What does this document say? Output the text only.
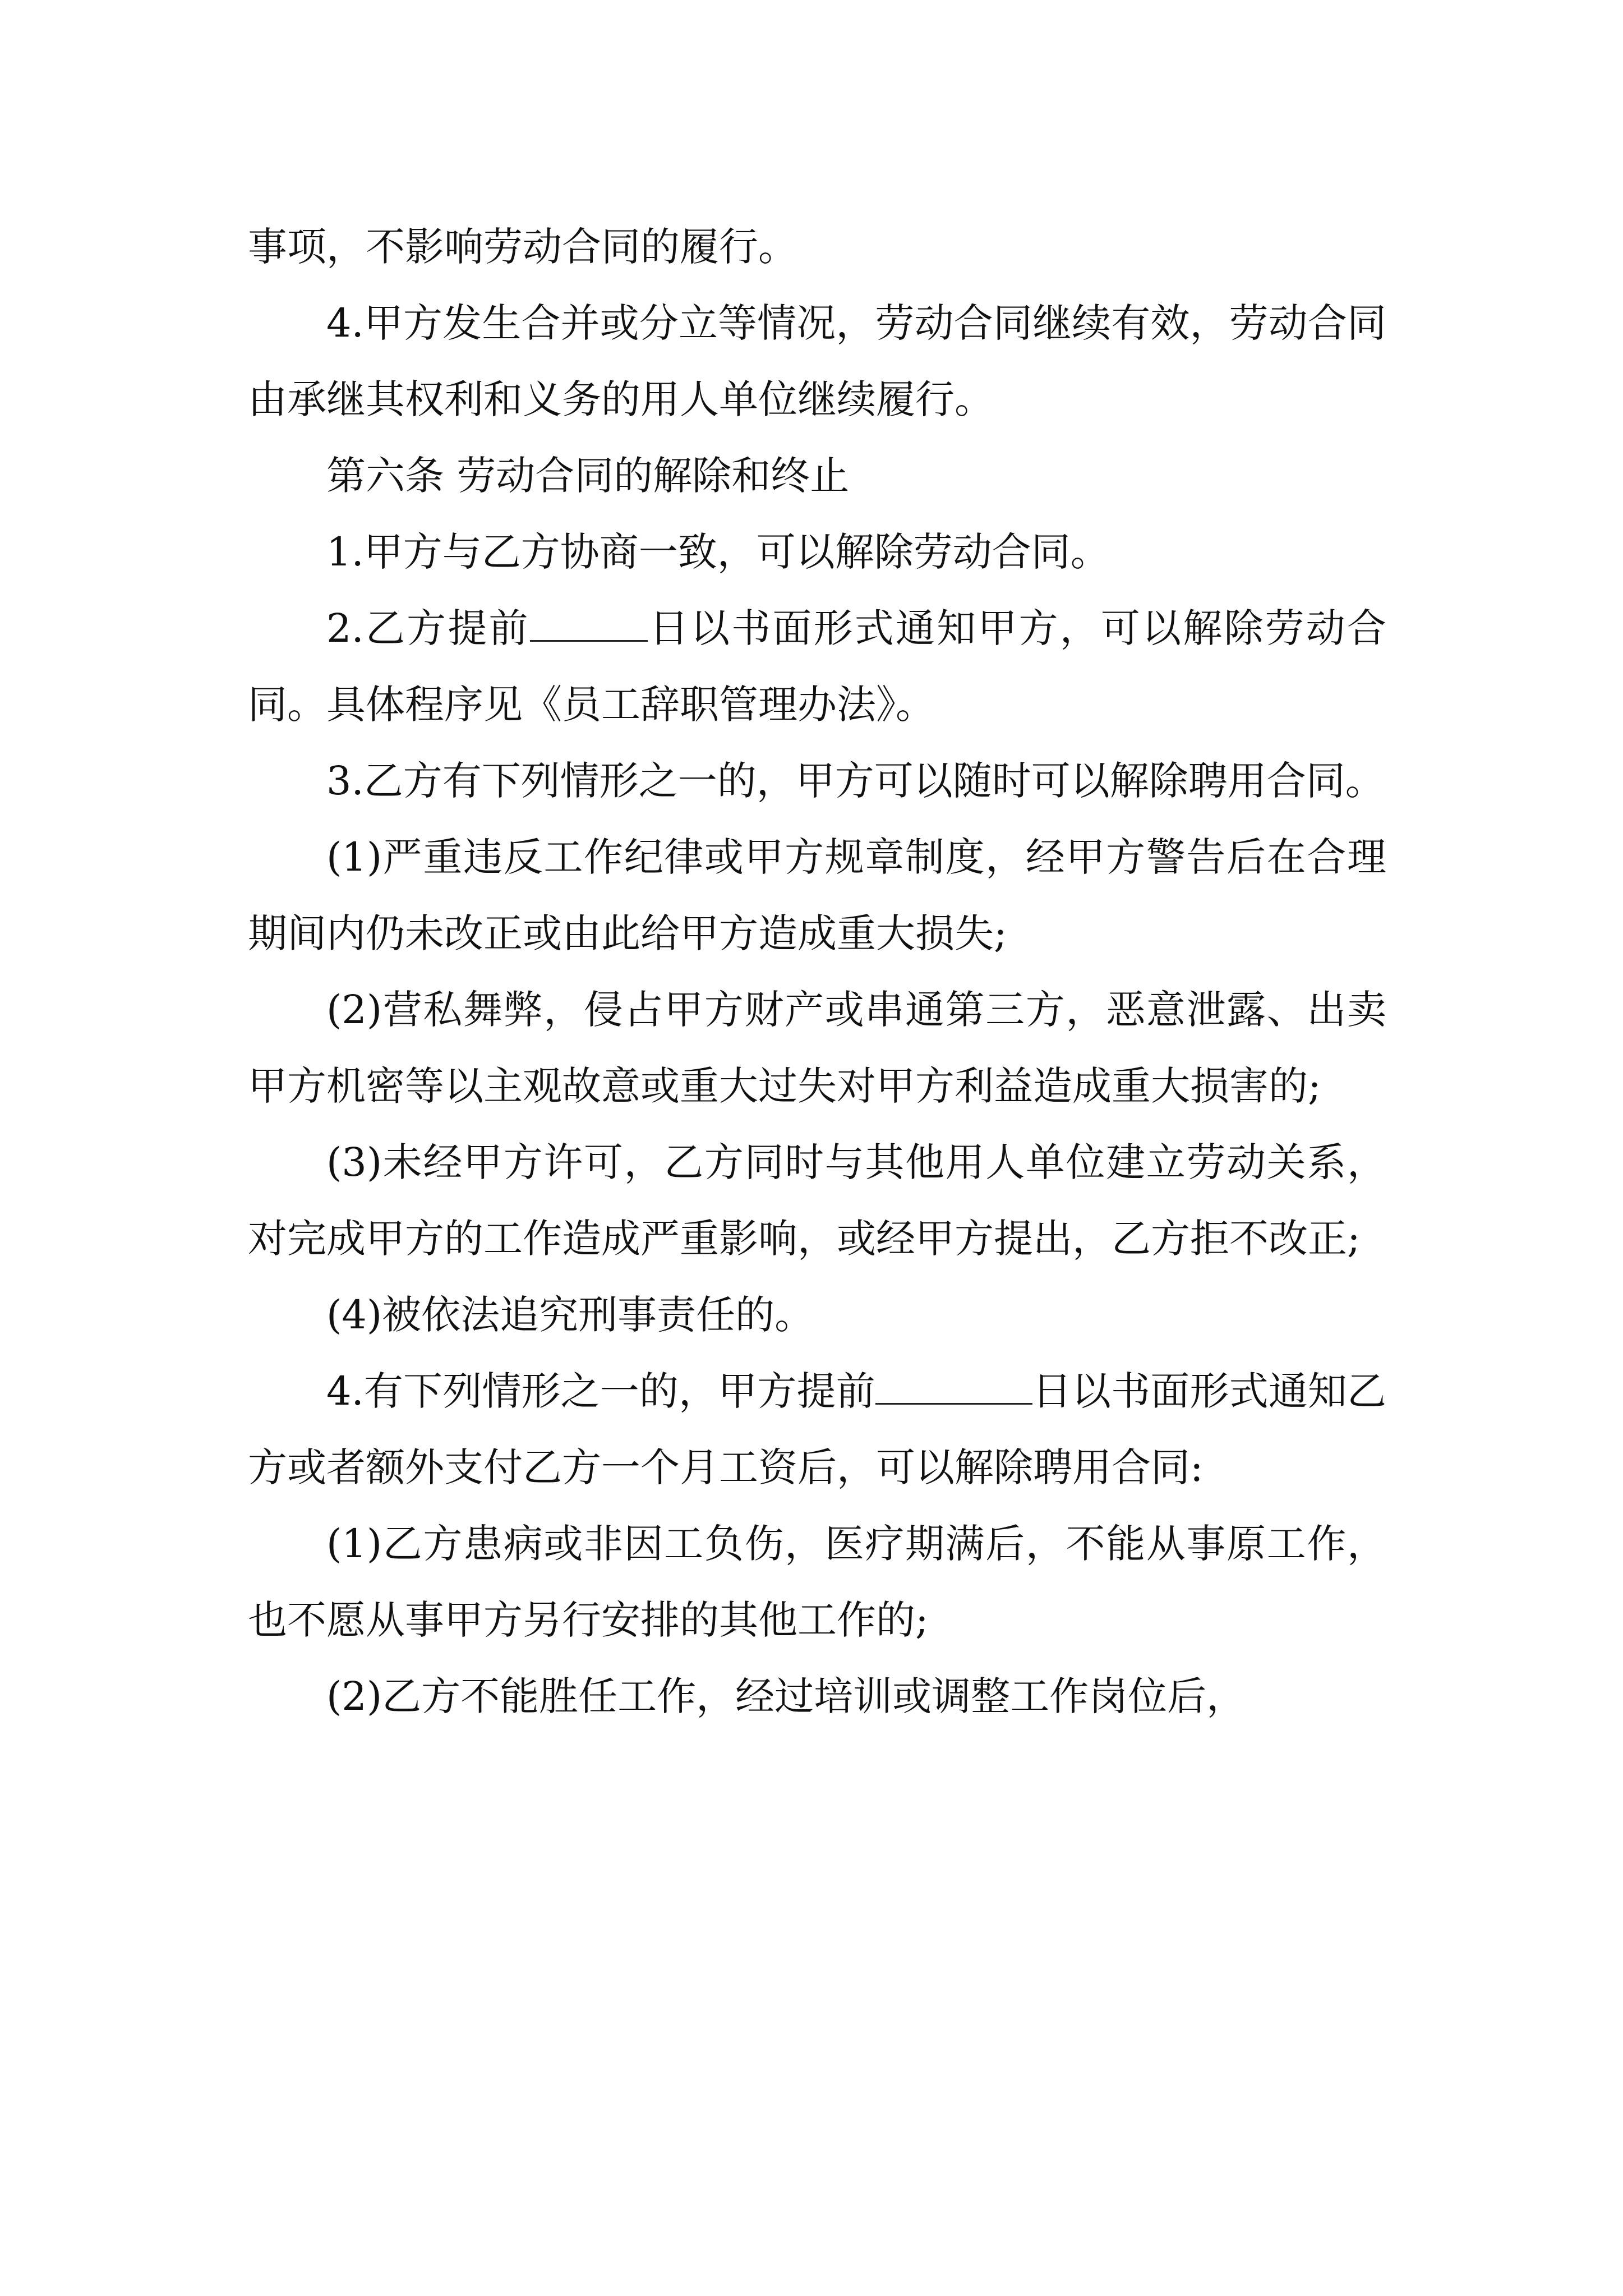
事项，不影响劳动合同的履行。

4.甲方发生合并或分立等情况，劳动合同继续有效，劳动合同由承继其权利和义务的用人单位继续履行。

第六条 劳动合同的解除和终止

1.甲方与乙方协商一致，可以解除劳动合同。

2.乙方提前	日以书面形式通知甲方，可以解除劳动合同。具体程序见《员工辞职管理办法》。

3.乙方有下列情形之一的，甲方可以随时可以解除聘用合同。

(1)严重违反工作纪律或甲方规章制度，经甲方警告后在合理期间内仍未改正或由此给甲方造成重大损失;

(2)营私舞弊，侵占甲方财产或串通第三方，恶意泄露、出卖甲方机密等以主观故意或重大过失对甲方利益造成重大损害的;

(3)未经甲方许可，乙方同时与其他用人单位建立劳动关系，对完成甲方的工作造成严重影响，或经甲方提出，乙方拒不改正;

(4)被依法追究刑事责任的。

4.有下列情形之一的，甲方提前	日以书面形式通知乙方或者额外支付乙方一个月工资后，可以解除聘用合同:

(1)乙方患病或非因工负伤，医疗期满后，不能从事原工作，也不愿从事甲方另行安排的其他工作的;

(2)乙方不能胜任工作，经过培训或调整工作岗位后，
